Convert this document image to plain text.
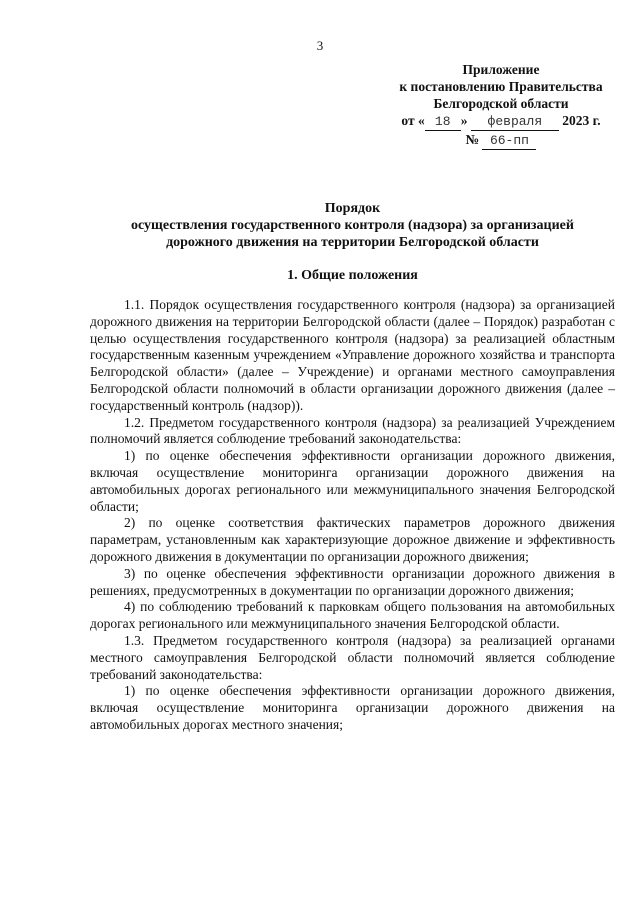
3
Приложение
к постановлению Правительства
Белгородской области
от « 18 » февраля 2023 г.
№ 66-пп
Порядок
осуществления государственного контроля (надзора) за организацией
дорожного движения на территории Белгородской области
1. Общие положения

1.1. Порядок осуществления государственного контроля (надзора) за организацией дорожного движения на территории Белгородской области (далее – Порядок) разработан с целью осуществления государственного контроля (надзора) за реализацией областным государственным казенным учреждением «Управление дорожного хозяйства и транспорта Белгородской области» (далее – Учреждение) и органами местного самоуправления Белгородской области полномочий в области организации дорожного движения (далее – государственный контроль (надзор)).

1.2. Предметом государственного контроля (надзора) за реализацией Учреждением полномочий является соблюдение требований законодательства:

1) по оценке обеспечения эффективности организации дорожного движения, включая осуществление мониторинга организации дорожного движения на автомобильных дорогах регионального или межмуниципального значения Белгородской области;

2) по оценке соответствия фактических параметров дорожного движения параметрам, установленным как характеризующие дорожное движение и эффективность дорожного движения в документации по организации дорожного движения;

3) по оценке обеспечения эффективности организации дорожного движения в решениях, предусмотренных в документации по организации дорожного движения;

4) по соблюдению требований к парковкам общего пользования на автомобильных дорогах регионального или межмуниципального значения Белгородской области.

1.3. Предметом государственного контроля (надзора) за реализацией органами местного самоуправления Белгородской области полномочий является соблюдение требований законодательства:

1) по оценке обеспечения эффективности организации дорожного движения, включая осуществление мониторинга организации дорожного движения на автомобильных дорогах местного значения;
